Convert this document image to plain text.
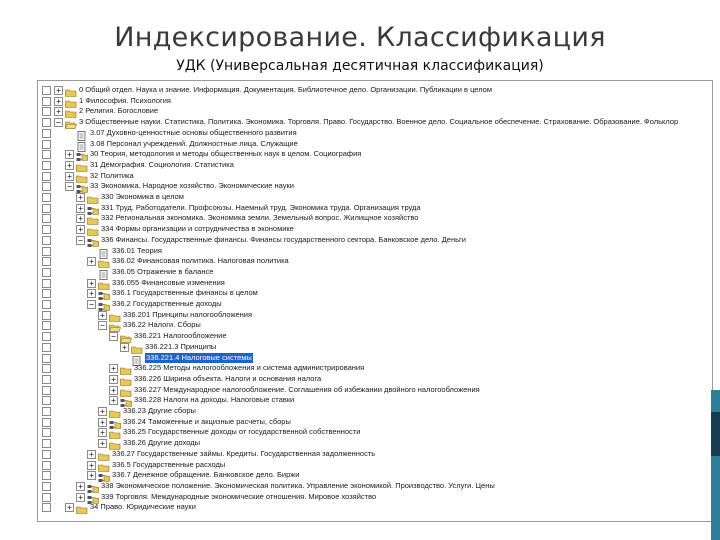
Индексирование. Классификация
УДК (Универсальная десятичная классификация)
+ 0 Общий отдел. Наука и знание. Информация. Документация. Библиотечное дело. Организации. Публикации в целом
+ 1 Философия. Психология
+ 2 Религия. Богословие
− 3 Общественные науки. Статистика. Политика. Экономика. Торговля. Право. Государство. Военное дело. Социальное обеспечение. Страхование. Образование. Фольклор
3.07 Духовно-ценностные основы общественного развития
3.08 Персонал учреждений. Должностные лица. Служащие
+ 30 Теория, методология и методы общественных наук в целом. Социография
+ 31 Демография. Социология. Статистика
+ 32 Политика
− 33 Экономика. Народное хозяйство. Экономические науки
+ 330 Экономика в целом
+ 331 Труд. Работодатели. Профсоюзы. Наемный труд. Экономика труда. Организация труда
+ 332 Региональная экономика. Экономика земли. Земельный вопрос. Жилищное хозяйство
+ 334 Формы организации и сотрудничества в экономике
− 336 Финансы. Государственные финансы. Финансы государственного сектора. Банковское дело. Деньги
336.01 Теория
+ 336.02 Финансовая политика. Налоговая политика
336.05 Отражение в балансе
+ 336.055 Финансовые изменения
+ 336.1 Государственные финансы в целом
− 336.2 Государственные доходы
+ 336.201 Принципы налогообложения
− 336.22 Налоги. Сборы
− 336.221 Налогообложение
+ 336.221.3 Принципы
336.221.4 Налоговые системы
+ 336.225 Методы налогообложения и система администрирования
+ 336.226 Ширина объекта. Налоги и основания налога
+ 336.227 Международное налогообложение. Соглашения об избежании двойного налогообложения
+ 336.228 Налоги на доходы. Налоговые ставки
+ 336.23 Другие сборы
+ 336.24 Таможенные и акцизные расчеты, сборы
+ 336.25 Государственные доходы от государственной собственности
+ 336.26 Другие доходы
+ 336.27 Государственные займы. Кредиты. Государственная задолженность
+ 336.5 Государственные расходы
+ 336.7 Денежное обращение. Банковское дело. Биржи
+ 338 Экономическое положение. Экономическая политика. Управление экономикой. Производство. Услуги. Цены
+ 339 Торговля. Международные экономические отношения. Мировое хозяйство
+ 34 Право. Юридические науки
